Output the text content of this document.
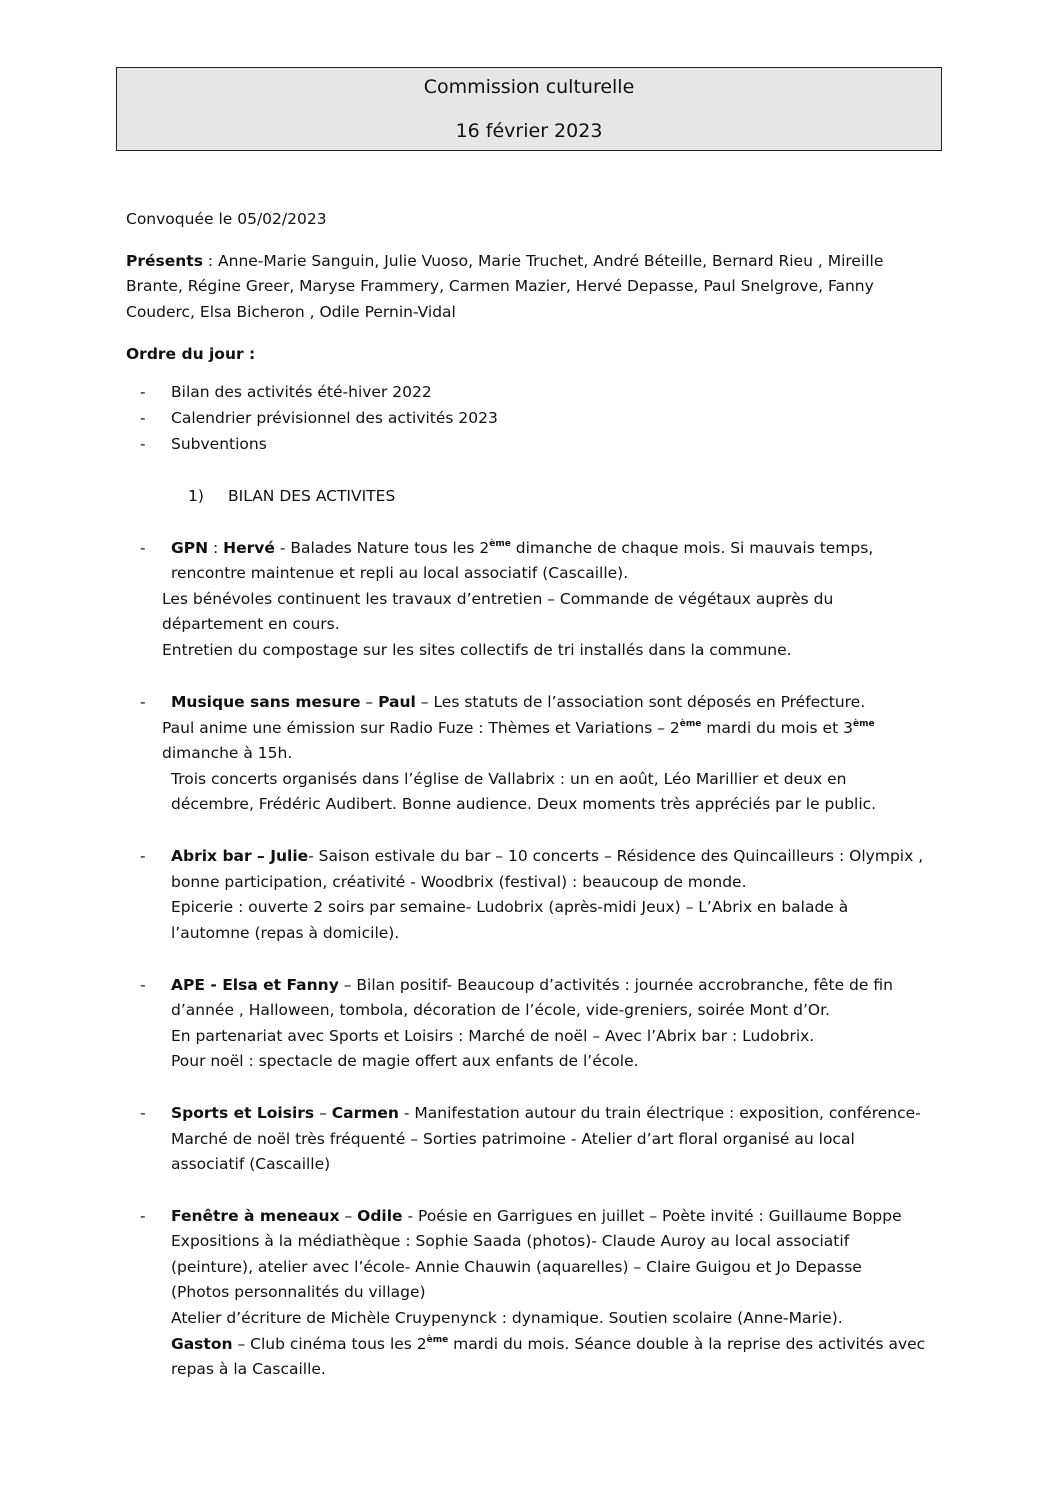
Commission culturelle
16 février 2023
Convoquée le 05/02/2023
Présents : Anne-Marie Sanguin, Julie Vuoso, Marie Truchet, André Béteille, Bernard Rieu , Mireille
Brante, Régine Greer, Maryse Frammery, Carmen Mazier, Hervé Depasse, Paul Snelgrove, Fanny
Couderc, Elsa Bicheron , Odile Pernin-Vidal
Ordre du jour :
- Bilan des activités été-hiver 2022
- Calendrier prévisionnel des activités 2023
- Subventions
1) BILAN DES ACTIVITES
- GPN : Hervé - Balades Nature tous les 2ème dimanche de chaque mois. Si mauvais temps,
rencontre maintenue et repli au local associatif (Cascaille).
Les bénévoles continuent les travaux d’entretien – Commande de végétaux auprès du
département en cours.
Entretien du compostage sur les sites collectifs de tri installés dans la commune.
- Musique sans mesure – Paul – Les statuts de l’association sont déposés en Préfecture.
Paul anime une émission sur Radio Fuze : Thèmes et Variations – 2ème mardi du mois et 3ème
dimanche à 15h.
Trois concerts organisés dans l’église de Vallabrix : un en août, Léo Marillier et deux en
décembre, Frédéric Audibert. Bonne audience. Deux moments très appréciés par le public.
- Abrix bar – Julie- Saison estivale du bar – 10 concerts – Résidence des Quincailleurs : Olympix ,
bonne participation, créativité - Woodbrix (festival) : beaucoup de monde.
Epicerie : ouverte 2 soirs par semaine- Ludobrix (après-midi Jeux) – L’Abrix en balade à
l’automne (repas à domicile).
- APE - Elsa et Fanny – Bilan positif- Beaucoup d’activités : journée accrobranche, fête de fin
d’année , Halloween, tombola, décoration de l’école, vide-greniers, soirée Mont d’Or.
En partenariat avec Sports et Loisirs : Marché de noël – Avec l’Abrix bar : Ludobrix.
Pour noël : spectacle de magie offert aux enfants de l’école.
- Sports et Loisirs – Carmen - Manifestation autour du train électrique : exposition, conférence-
Marché de noël très fréquenté – Sorties patrimoine - Atelier d’art floral organisé au local
associatif (Cascaille)
- Fenêtre à meneaux – Odile - Poésie en Garrigues en juillet – Poète invité : Guillaume Boppe
Expositions à la médiathèque : Sophie Saada (photos)- Claude Auroy au local associatif
(peinture), atelier avec l’école- Annie Chauwin (aquarelles) – Claire Guigou et Jo Depasse
(Photos personnalités du village)
Atelier d’écriture de Michèle Cruypenynck : dynamique. Soutien scolaire (Anne-Marie).
Gaston – Club cinéma tous les 2ème mardi du mois. Séance double à la reprise des activités avec
repas à la Cascaille.
